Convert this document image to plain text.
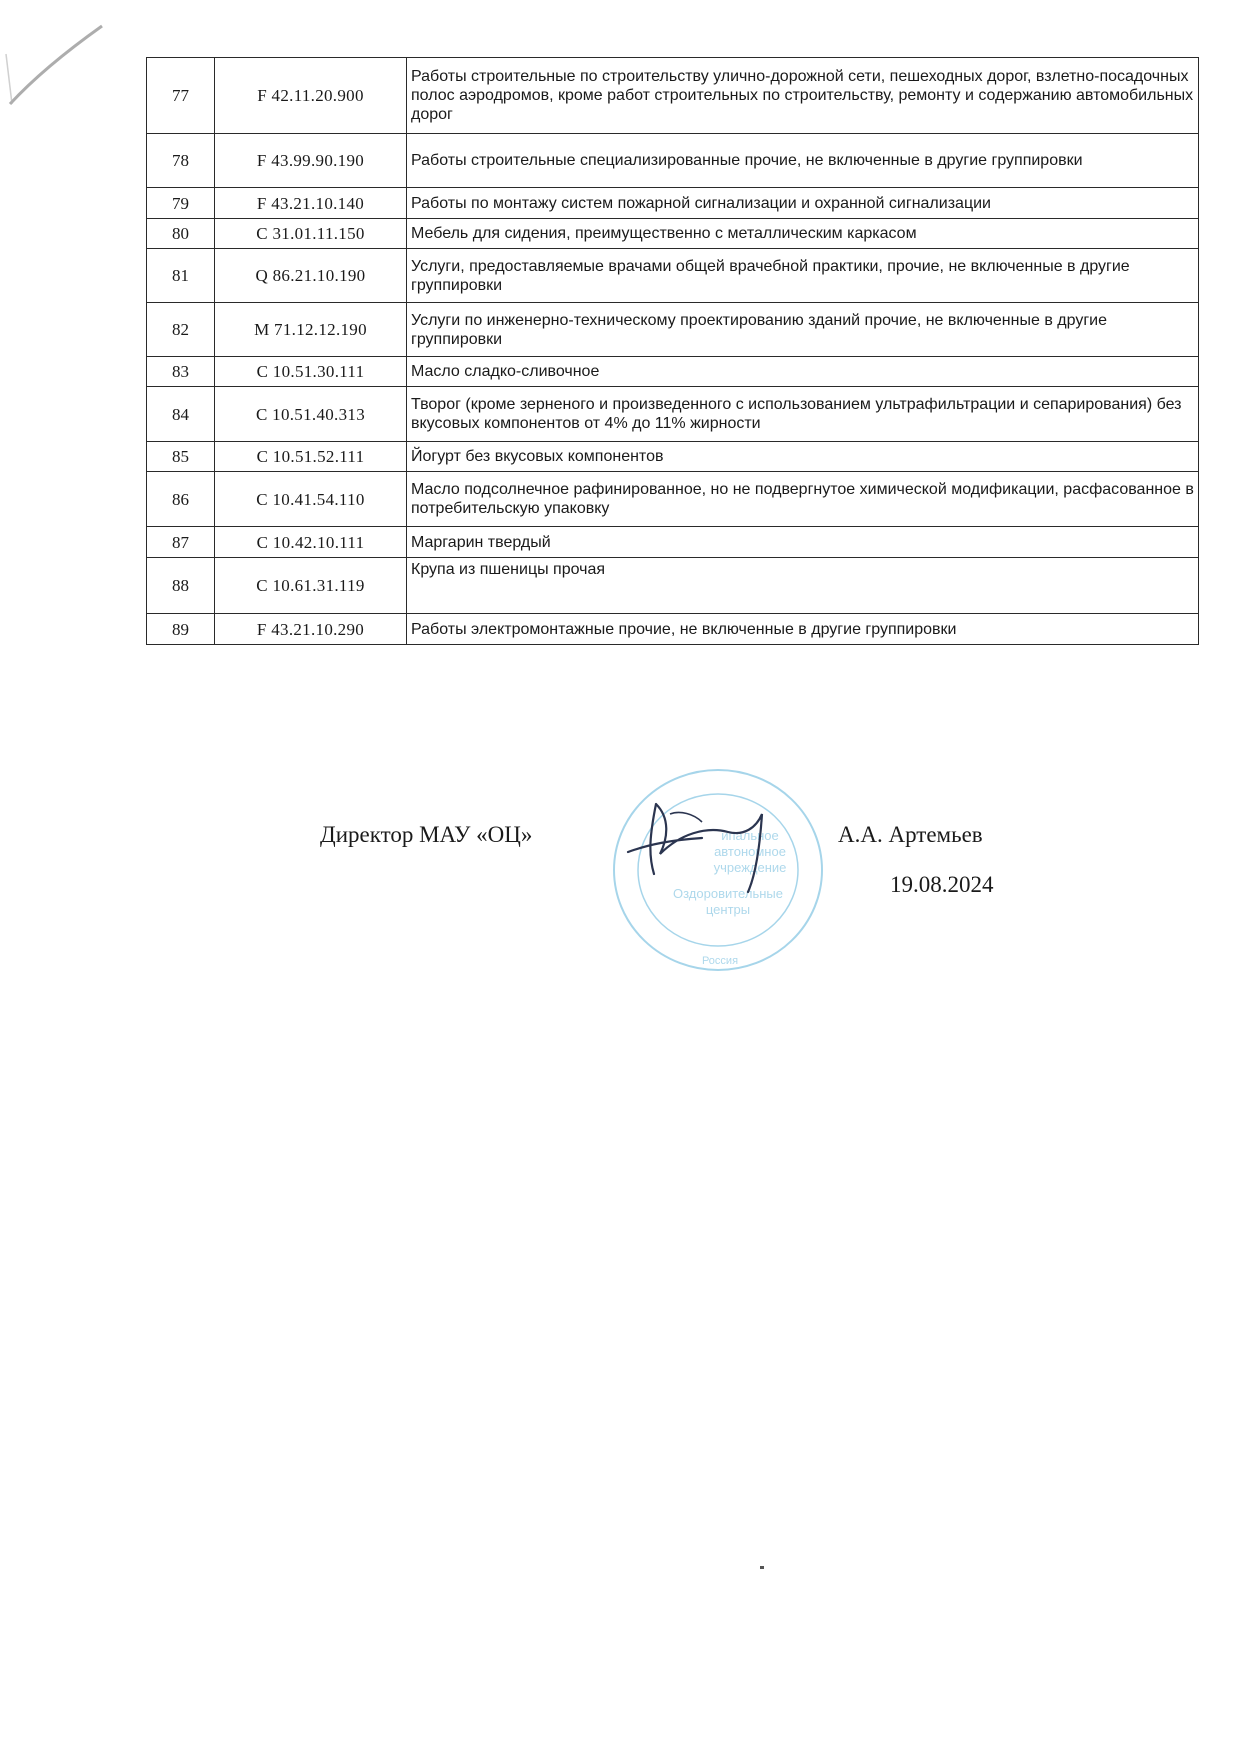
77	F 42.11.20.900	Работы строительные по строительству улично-дорожной сети, пешеходных дорог, взлетно-посадочных полос аэродромов, кроме работ строительных по строительству, ремонту и содержанию автомобильных дорог
78	F 43.99.90.190	Работы строительные специализированные прочие, не включенные в другие группировки
79	F 43.21.10.140	Работы по монтажу систем пожарной сигнализации и охранной сигнализации
80	C 31.01.11.150	Мебель для сидения, преимущественно с металлическим каркасом
81	Q 86.21.10.190	Услуги, предоставляемые врачами общей врачебной практики, прочие, не включенные в другие группировки
82	M 71.12.12.190	Услуги по инженерно-техническому проектированию зданий прочие, не включенные в другие группировки
83	C 10.51.30.111	Масло сладко-сливочное
84	C 10.51.40.313	Творог (кроме зерненого и произведенного с использованием ультрафильтрации и сепарирования) без вкусовых компонентов от 4% до 11% жирности
85	C 10.51.52.111	Йогурт без вкусовых компонентов
86	C 10.41.54.110	Масло подсолнечное рафинированное, но не подвергнутое химической модификации, расфасованное в потребительскую упаковку
87	C 10.42.10.111	Маргарин твердый
88	C 10.61.31.119	Крупа из пшеницы прочая
89	F 43.21.10.290	Работы электромонтажные прочие, не включенные в другие группировки
Директор МАУ «ОЦ»	ипальное
автономное
учреждение
Оздоровительные
центры
Россия
А.А. Артемьев
19.08.2024
